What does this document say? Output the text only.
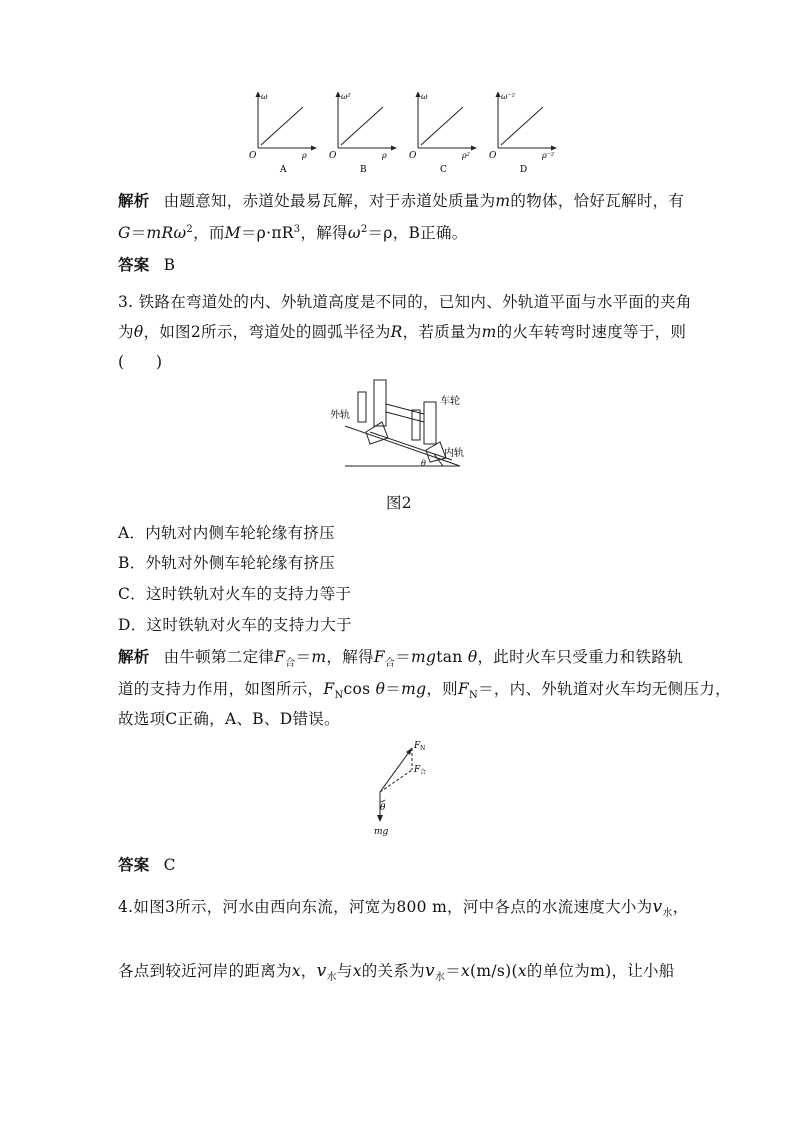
O
ω
ρ
A
O
ω²
ρ
B
O
ω
ρ²
C
O
ω⁻²
ρ⁻²
D
解析 由题意知，赤道处最易瓦解，对于赤道处质量为m的物体，恰好瓦解时，有
G＝mRω$^2$，而$M=\rho\cdot\pi R^3$，解得$\omega^2=\rho$，B正确。
答案 B
3. 铁路在弯道处的内、外轨道高度是不同的，已知内、外轨道平面与水平面的夹角
为θ，如图2所示，弯道处的圆弧半径为R，若质量为m的火车转弯时速度等于，则
(　　)
外轨
车轮
内轨
θ
图2
A．内轨对内侧车轮轮缘有挤压
B．外轨对外侧车轮轮缘有挤压
C．这时铁轨对火车的支持力等于
D．这时铁轨对火车的支持力大于
解析 由牛顿第二定律$F_合=m$，解得$F_合=mgtan$ θ，此时火车只受重力和铁路轨
道的支持力作用，如图所示，$F_N\cos$ θ＝mg，则$F_N=$，内、外轨道对火车均无侧压力，
故选项C正确，A、B、D错误。
F N
F 合
θ
mg
答案 C
4.如图3所示，河水由西向东流，河宽为800 m，河中各点的水流速度大小为$v_水$，
各点到较近河岸的距离为x，$v_水$与x的关系为$v_水=x(m/s)(x$的单位为m)，让小船
